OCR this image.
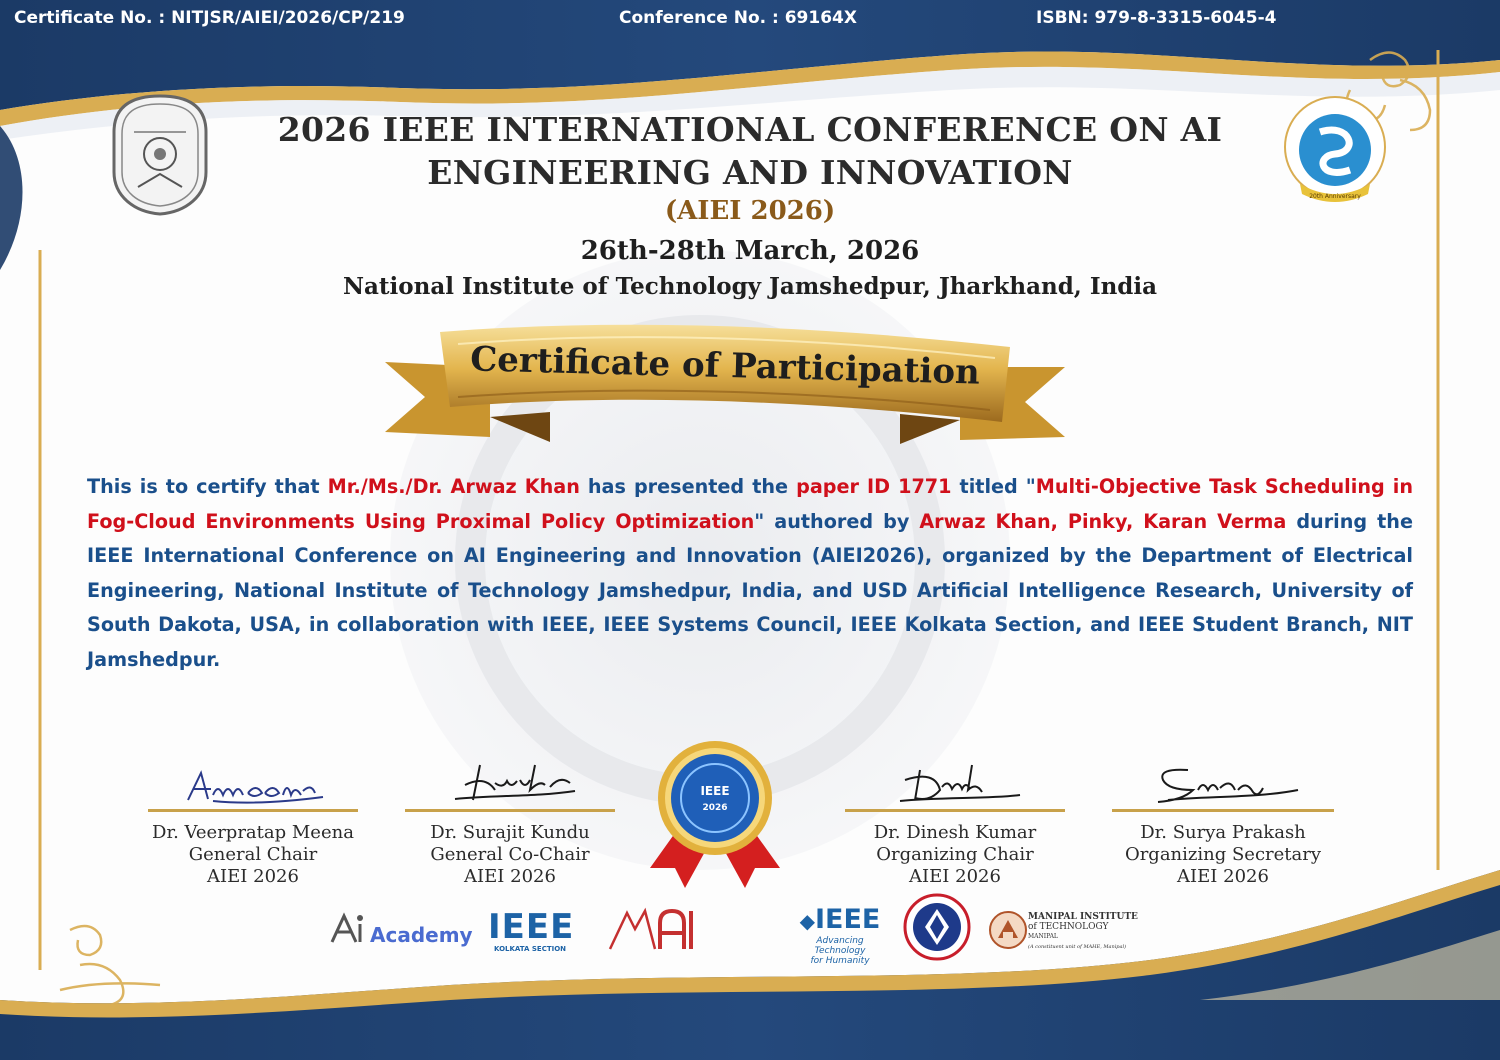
Certificate No. : NITJSR/AIEI/2026/CP/219	Conference No. : 69164X	ISBN: 979-8-3315-6045-4
20th Anniversary
2026 IEEE INTERNATIONAL CONFERENCE ON AI
ENGINEERING AND INNOVATION
(AIEI 2026)
26th-28th March, 2026
National Institute of Technology Jamshedpur, Jharkhand, India
Certificate of Participation
This is to certify that Mr./Ms./Dr. Arwaz Khan has presented the paper ID 1771 titled "Multi-Objective Task Scheduling in Fog-Cloud Environments Using Proximal Policy Optimization" authored by Arwaz Khan, Pinky, Karan Verma during the IEEE International Conference on AI Engineering and Innovation (AIEI2026), organized by the Department of Electrical Engineering, National Institute of Technology Jamshedpur, India, and USD Artificial Intelligence Research, University of South Dakota, USA, in collaboration with IEEE, IEEE Systems Council, IEEE Kolkata Section, and IEEE Student Branch, NIT Jamshedpur.
Dr. Veerpratap Meena
General Chair
AIEI 2026
Dr. Surajit Kundu
General Co-Chair
AIEI 2026
Dr. Dinesh Kumar
Organizing Chair
AIEI 2026
Dr. Surya Prakash
Organizing Secretary
AIEI 2026
IEEE
2026
Academy IEEE
KOLKATA SECTION
◆IEEE
Advancing Technology
for Humanity
MANIPAL INSTITUTE
of TECHNOLOGY
MANIPAL
(A constituent unit of MAHE, Manipal)
